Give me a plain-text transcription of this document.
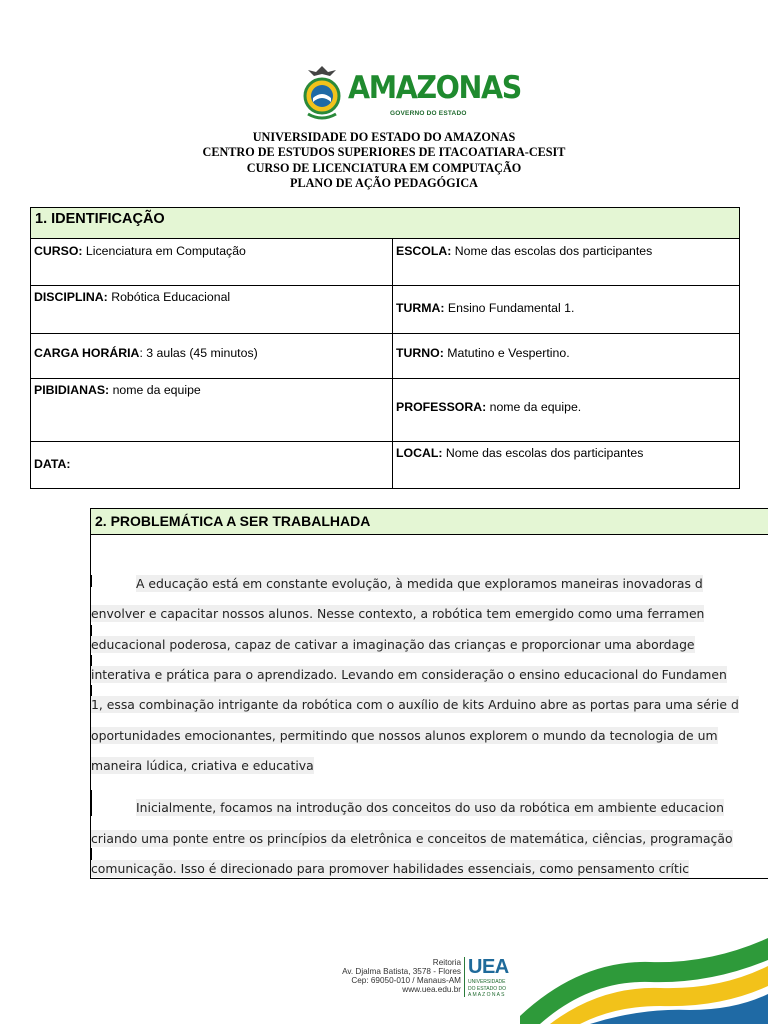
AMAZONAS
GOVERNO DO ESTADO
UNIVERSIDADE DO ESTADO DO AMAZONAS
CENTRO DE ESTUDOS SUPERIORES DE ITACOATIARA-CESIT
CURSO DE LICENCIATURA EM COMPUTAÇÃO
PLANO DE AÇÃO PEDAGÓGICA
1. IDENTIFICAÇÃO
CURSO: Licenciatura em Computação	ESCOLA: Nome das escolas dos participantes
DISCIPLINA: Robótica Educacional
TURMA: Ensino Fundamental 1.
CARGA HORÁRIA: 3 aulas (45 minutos)	TURNO: Matutino e Vespertino.
PIBIDIANAS: nome da equipe
PROFESSORA: nome da equipe.
DATA:
LOCAL: Nome das escolas dos participantes
2. PROBLEMÁTICA A SER TRABALHADA
A educação está em constante evolução, à medida que exploramos maneiras inovadoras d
envolver e capacitar nossos alunos. Nesse contexto, a robótica tem emergido como uma ferramen
educacional poderosa, capaz de cativar a imaginação das crianças e proporcionar uma abordage
interativa e prática para o aprendizado. Levando em consideração o ensino educacional do Fundamen
1, essa combinação intrigante da robótica com o auxílio de kits Arduino abre as portas para uma série d
oportunidades emocionantes, permitindo que nossos alunos explorem o mundo da tecnologia de um
maneira lúdica, criativa e educativa
Inicialmente, focamos na introdução dos conceitos do uso da robótica em ambiente educacion
criando uma ponte entre os princípios da eletrônica e conceitos de matemática, ciências, programação
comunicação. Isso é direcionado para promover habilidades essenciais, como pensamento crític
Reitoria
Av. Djalma Batista, 3578 - Flores
Cep: 69050-010 / Manaus-AM
www.uea.edu.br
UEA
UNIVERSIDADE
DO ESTADO DO
A M A Z O N A S
